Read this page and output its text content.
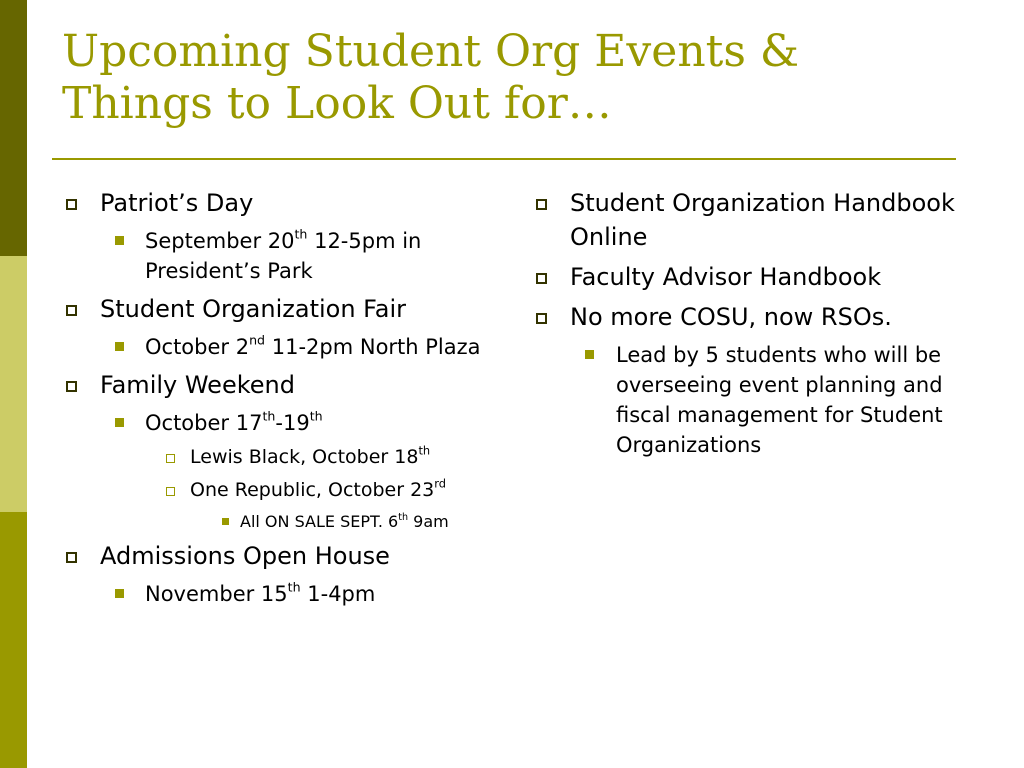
Upcoming Student Org Events &
Things to Look Out for…
Patriot’s Day
September 20th 12-5pm in President’s Park
Student Organization Fair
October 2nd 11-2pm North Plaza
Family Weekend
October 17th-19th
Lewis Black, October 18th
One Republic, October 23rd
All ON SALE SEPT. 6th 9am
Admissions Open House
November 15th 1-4pm
Student Organization Handbook Online
Faculty Advisor Handbook
No more COSU, now RSOs.
Lead by 5 students who will be overseeing event planning and fiscal management for Student Organizations
